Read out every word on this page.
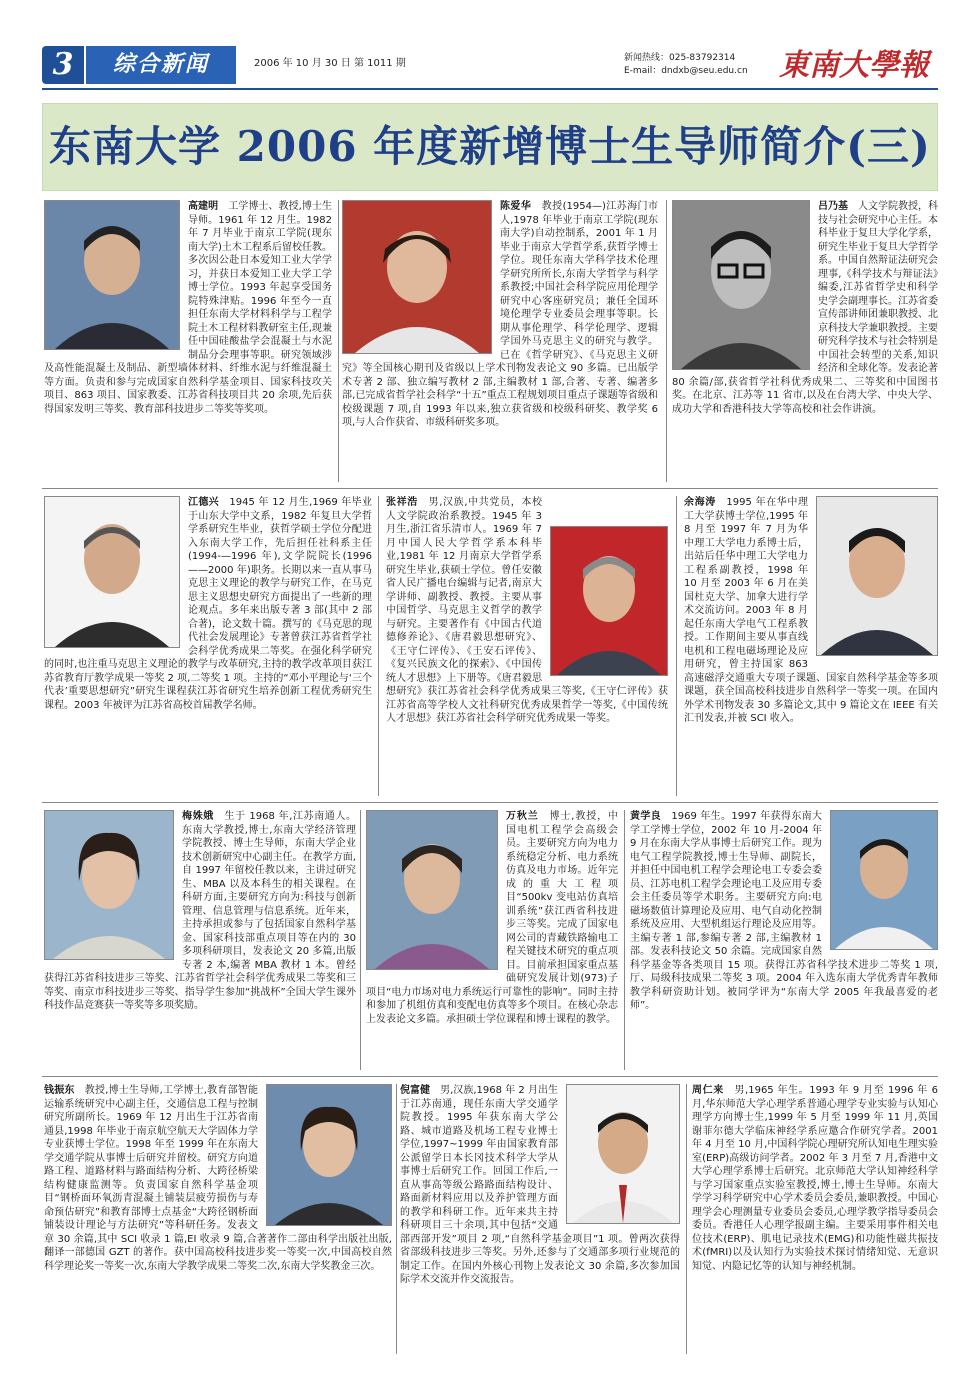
3	综合新闻	2006 年 10 月 30 日 第 1011 期	新闻热线：025-83792314
E-mail：dndxb@seu.edu.cn 東南大學報
东南大学 2006 年度新增博士生导师简介(三)

高建明　工学博士、教授,博士生导师。1961 年 12 月生。1982 年 7 月毕业于南京工学院(现东南大学)土木工程系后留校任教。多次因公赴日本爱知工业大学学习，并获日本爱知工业大学工学博士学位。1993 年起享受国务院特殊津贴。1996 年至今一直担任东南大学材料科学与工程学院土木工程材料教研室主任,现兼任中国硅酸盐学会混凝土与水泥制品分会理事等职。研究领域涉及高性能混凝土及制品、新型墙体材料、纤维水泥与纤维混凝土等方面。负责和参与完成国家自然科学基金项目、国家科技攻关项目、863 项目、国家教委、江苏省科技项目共 20 余项,先后获得国家发明三等奖、教育部科技进步二等奖等奖项。

陈爱华　教授(1954—)江苏海门市人,1978 年毕业于南京工学院(现东南大学)自动控制系，2001 年 1 月毕业于南京大学哲学系,获哲学博士学位。现任东南大学科学技术伦理学研究所所长,东南大学哲学与科学系教授;中国社会科学院应用伦理学研究中心客座研究员；兼任全国环境伦理学专业委员会理事等职。长期从事伦理学、科学伦理学、逻辑学国外马克思主义的研究与教学。已在《哲学研究》、《马克思主义研究》等全国核心期刊及省级以上学术刊物发表论文 90 多篇。已出版学术专著 2 部、独立编写教材 2 部,主编教材 1 部,合著、专著、编著多部,已完成省哲学社会科学“十五”重点工程规划项目重点子课题等省级和校级课题 7 项,自 1993 年以来,独立获省级和校级科研奖、教学奖 6 项,与人合作获省、市级科研奖多项。

吕乃基　人文学院教授，科技与社会研究中心主任。本科毕业于复旦大学化学系，研究生毕业于复旦大学哲学系。中国自然辩证法研究会理事,《科学技术与辩证法》编委,江苏省哲学史和科学史学会副理事长。江苏省委宣传部讲师团兼职教授、北京科技大学兼职教授。主要研究科学技术与社会特别是中国社会转型的关系,知识经济和全球化等。发表论著 80 余篇/部,获省哲学社科优秀成果二、三等奖和中国图书奖。在北京、江苏等 11 省市,以及在台湾大学、中央大学、成功大学和香港科技大学等高校和社会作讲演。

江德兴　1945 年 12 月生,1969 年毕业于山东大学中文系，1982 年复旦大学哲学系研究生毕业，获哲学硕士学位分配进入东南大学工作，先后担任社科系主任(1994-—1996 年),文学院院长(1996——2000 年)职务。长期以来一直从事马克思主义理论的教学与研究工作，在马克思主义思想史研究方面提出了一些新的理论观点。多年来出版专著 3 部(其中 2 部合著)，论文数十篇。撰写的《马克思的现代社会发展理论》专著曾获江苏省哲学社会科学优秀成果二等奖。在强化科学研究的同时,也注重马克思主义理论的教学与改革研究,主持的教学改革项目获江苏省教育厅教学成果一等奖 2 项,二等奖 1 项。主持的“邓小平理论与‘三个代表’重要思想研究”研究生课程获江苏省研究生培养创新工程优秀研究生课程。2003 年被评为江苏省高校首届教学名师。

张祥浩　男,汉族,中共党员，本校人文学院政治系教授。1945 年 3 月生,浙江省乐清市人。1969 年 7 月中国人民大学哲学系本科毕业,1981 年 12 月南京大学哲学系研究生毕业,获硕士学位。曾任安徽省人民广播电台编辑与记者,南京大学讲师、副教授、教授。主要从事中国哲学、马克思主义哲学的教学与研究。主要著作有《中国古代道德修养论》、《唐君毅思想研究》、《王守仁评传》、《王安石评传》、《复兴民族文化的探索》、《中国传统人才思想》上下册等。《唐君毅思想研究》获江苏省社会科学优秀成果三等奖,《王守仁评传》获江苏省高等学校人文社科研究优秀成果哲学一等奖,《中国传统人才思想》获江苏省社会科学研究优秀成果一等奖。

余海涛　1995 年在华中理工大学获博士学位,1995 年 8 月至 1997 年 7 月为华中理工大学电力系博士后，出站后任华中理工大学电力工程系副教授，1998 年 10 月至 2003 年 6 月在美国杜克大学、加拿大进行学术交流访问。2003 年 8 月起任东南大学电气工程系教授。工作期间主要从事直线电机和工程电磁场理论及应用研究，曾主持国家 863 高速磁浮交通重大专项子课题、国家自然科学基金等多项课题，获全国高校科技进步自然科学一等奖一项。在国内外学术刊物发表 30 多篇论文,其中 9 篇论文在 IEEE 有关汇刊发表,并被 SCI 收入。

梅姝娥　生于 1968 年,江苏南通人。东南大学教授,博士,东南大学经济管理学院教授、博士生导师，东南大学企业技术创新研究中心副主任。在教学方面,自 1997 年留校任教以来，主讲过研究生、MBA 以及本科生的相关课程。在科研方面,主要研究方向为:科技与创新管理、信息管理与信息系统。近年来，主持承担或参与了包括国家自然科学基金、国家科技部重点项目等在内的 30 多项科研项目，发表论文 20 多篇,出版专著 2 本,编著 MBA 教材 1 本。曾经获得江苏省科技进步三等奖、江苏省哲学社会科学优秀成果二等奖和三等奖、南京市科技进步三等奖、指导学生参加“挑战杯”全国大学生课外科技作品竞赛获一等奖等多项奖励。

万秋兰　博士,教授，中国电机工程学会高级会员。主要研究方向为电力系统稳定分析、电力系统仿真及电力市场。近年完成的重大工程项目“500kv 变电站仿真培训系统”获江西省科技进步三等奖。完成了国家电网公司的青藏铁路输电工程关键技术研究的重点项目。目前承担国家重点基础研究发展计划(973)子项目“电力市场对电力系统运行可靠性的影响”。同时主持和参加了机组仿真和变配电仿真等多个项目。在核心杂志上发表论文多篇。承担硕士学位课程和博士课程的教学。

黄学良　1969 年生。1997 年获得东南大学工学博士学位，2002 年 10 月-2004 年 9 月在东南大学从事博士后研究工作。现为电气工程学院教授,博士生导师、副院长，并担任中国电机工程学会理论电工专委会委员、江苏电机工程学会理论电工及应用专委会主任委员等学术职务。主要研究方向:电磁场数值计算理论及应用、电气自动化控制系统及应用、大型机组运行理论及应用等。主编专著 1 部,参编专著 2 部,主编教材 1 部。发表科技论文 50 余篇。完成国家自然科学基金等各类项目 15 项。获得江苏省科学技术进步二等奖 1 项,厅、局级科技成果二等奖 3 项。2004 年入选东南大学优秀青年教师教学科研资助计划。被同学评为“东南大学 2005 年我最喜爱的老师”。

钱振东　教授,博士生导师,工学博士,教育部智能运输系统研究中心副主任，交通信息工程与控制研究所副所长。1969 年 12 月出生于江苏省南通县,1998 年毕业于南京航空航天大学固体力学专业获博士学位。1998 年至 1999 年在东南大学交通学院从事博士后研究并留校。研究方向道路工程、道路材料与路面结构分析、大跨径桥梁结构健康监测等。负责国家自然科学基金项目“钢桥面环氧沥青混凝土铺装层疲劳损伤与寿命预估研究”和教育部博士点基金“大跨径钢桥面铺装设计理论与方法研究”等科研任务。发表文章 30 余篇,其中 SCI 收录 1 篇,EI 收录 9 篇,合著著作二部由科学出版社出版,翻译一部德国 GZT 的著作。获中国高校科技进步奖一等奖一次,中国高校自然科学理论奖一等奖一次,东南大学教学成果二等奖二次,东南大学奖教金三次。

倪富健　男,汉族,1968 年 2 月出生于江苏南通，现任东南大学交通学院教授。1995 年获东南大学公路、城市道路及机场工程专业博士学位,1997~1999 年由国家教育部公派留学日本长冈技术科学大学从事博士后研究工作。回国工作后,一直从事高等级公路路面结构设计、路面新材料应用以及养护管理方面的教学和科研工作。近年来共主持科研项目三十余项,其中包括“交通部西部开发”项目 2 项,“自然科学基金项目”1 项。曾两次获得省部级科技进步三等奖。另外,还参与了交通部多项行业规范的制定工作。在国内外核心刊物上发表论文 30 余篇,多次参加国际学术交流并作交流报告。

周仁来　男,1965 年生。1993 年 9 月至 1996 年 6 月,华东师范大学心理学系普通心理学专业实验与认知心理学方向博士生,1999 年 5 月至 1999 年 11 月,英国谢菲尔德大学临床神经学系应邀合作研究学者。2001 年 4 月至 10 月,中国科学院心理研究所认知电生理实验室(ERP)高级访问学者。2002 年 3 月至 7 月,香港中文大学心理学系博士后研究。北京师范大学认知神经科学与学习国家重点实验室教授,博士,博士生导师。东南大学学习科学研究中心学术委员会委员,兼职教授。中国心理学会心理测量专业委员会委员,心理学教学指导委员会委员。香港任人心理学报副主编。主要采用事件相关电位技术(ERP)、肌电记录技术(EMG)和功能性磁共振技术(fMRI)以及认知行为实验技术探讨情绪知觉、无意识知觉、内隐记忆等的认知与神经机制。
